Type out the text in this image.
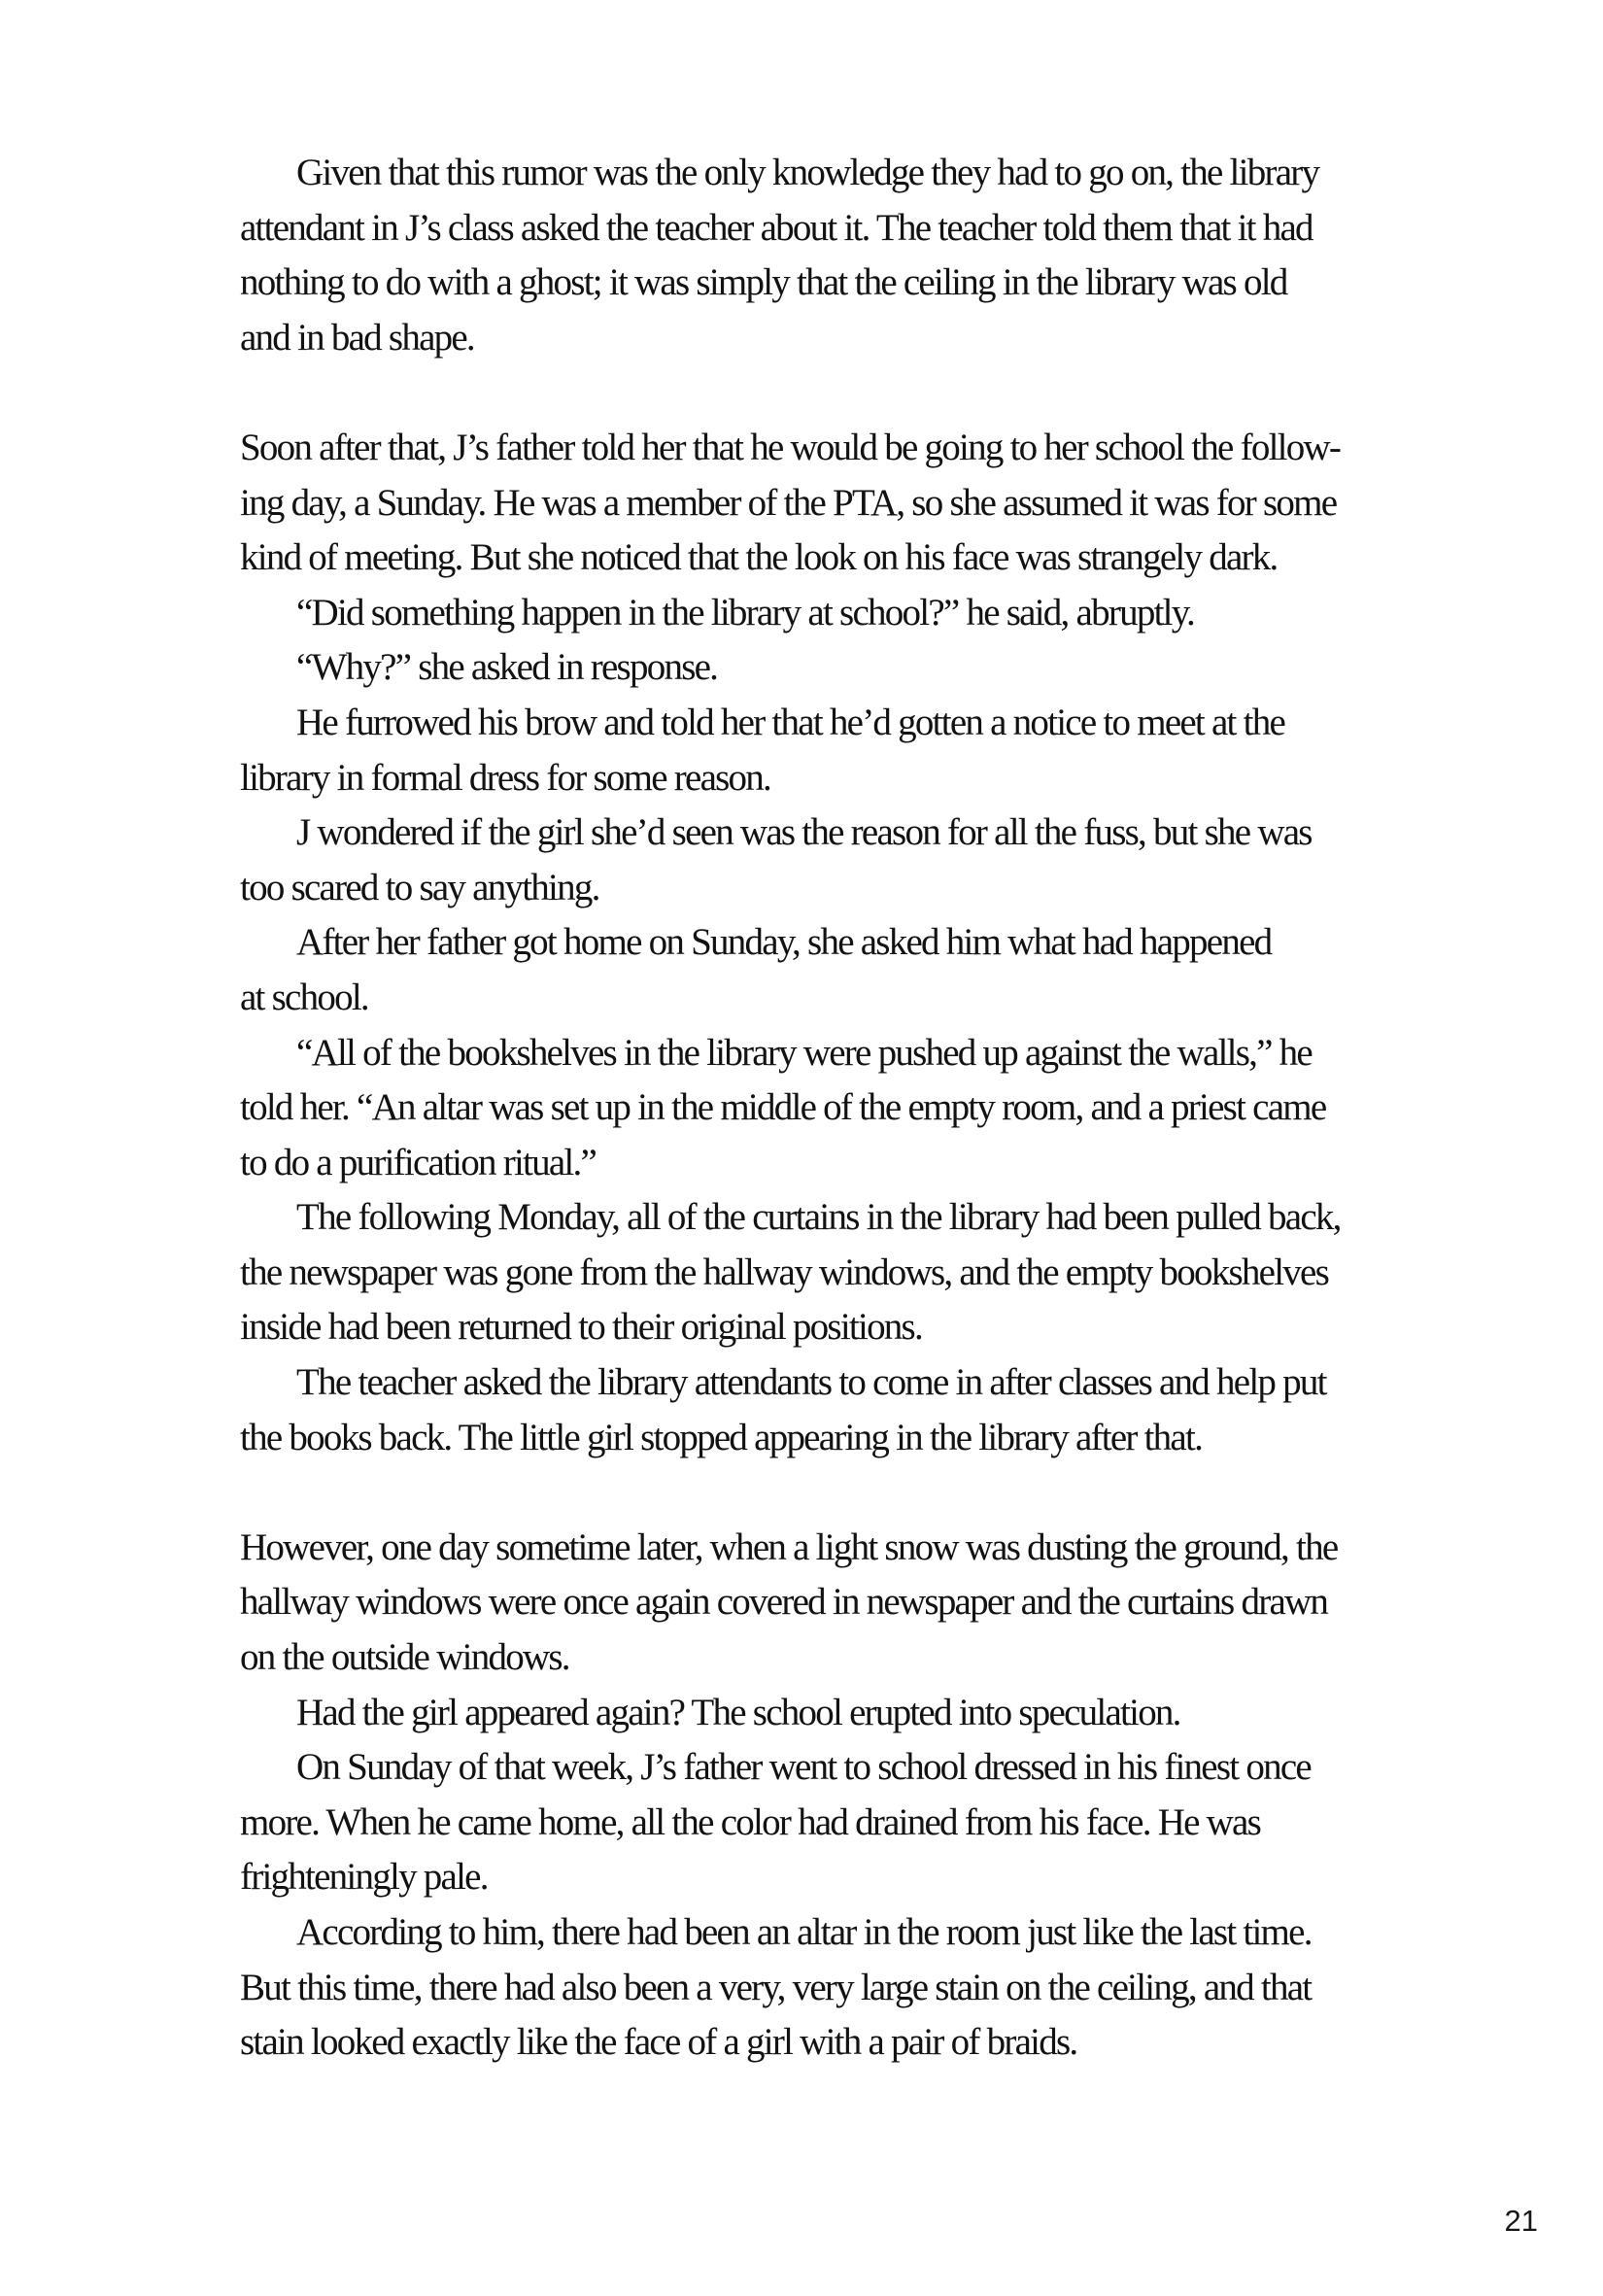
Given that this rumor was the only knowledge they had to go on, the library
attendant in J’s class asked the teacher about it. The teacher told them that it had
nothing to do with a ghost; it was simply that the ceiling in the library was old
and in bad shape.
Soon after that, J’s father told her that he would be going to her school the follow-
ing day, a Sunday. He was a member of the PTA, so she assumed it was for some
kind of meeting. But she noticed that the look on his face was strangely dark.
“Did something happen in the library at school?” he said, abruptly.
“Why?” she asked in response.
He furrowed his brow and told her that he’d gotten a notice to meet at the
library in formal dress for some reason.
J wondered if the girl she’d seen was the reason for all the fuss, but she was
too scared to say anything.
After her father got home on Sunday, she asked him what had happened
at school.
“All of the bookshelves in the library were pushed up against the walls,” he
told her. “An altar was set up in the middle of the empty room, and a priest came
to do a purification ritual.”
The following Monday, all of the curtains in the library had been pulled back,
the newspaper was gone from the hallway windows, and the empty bookshelves
inside had been returned to their original positions.
The teacher asked the library attendants to come in after classes and help put
the books back. The little girl stopped appearing in the library after that.
However, one day sometime later, when a light snow was dusting the ground, the
hallway windows were once again covered in newspaper and the curtains drawn
on the outside windows.
Had the girl appeared again? The school erupted into speculation.
On Sunday of that week, J’s father went to school dressed in his finest once
more. When he came home, all the color had drained from his face. He was
frighteningly pale.
According to him, there had been an altar in the room just like the last time.
But this time, there had also been a very, very large stain on the ceiling, and that
stain looked exactly like the face of a girl with a pair of braids.
21
